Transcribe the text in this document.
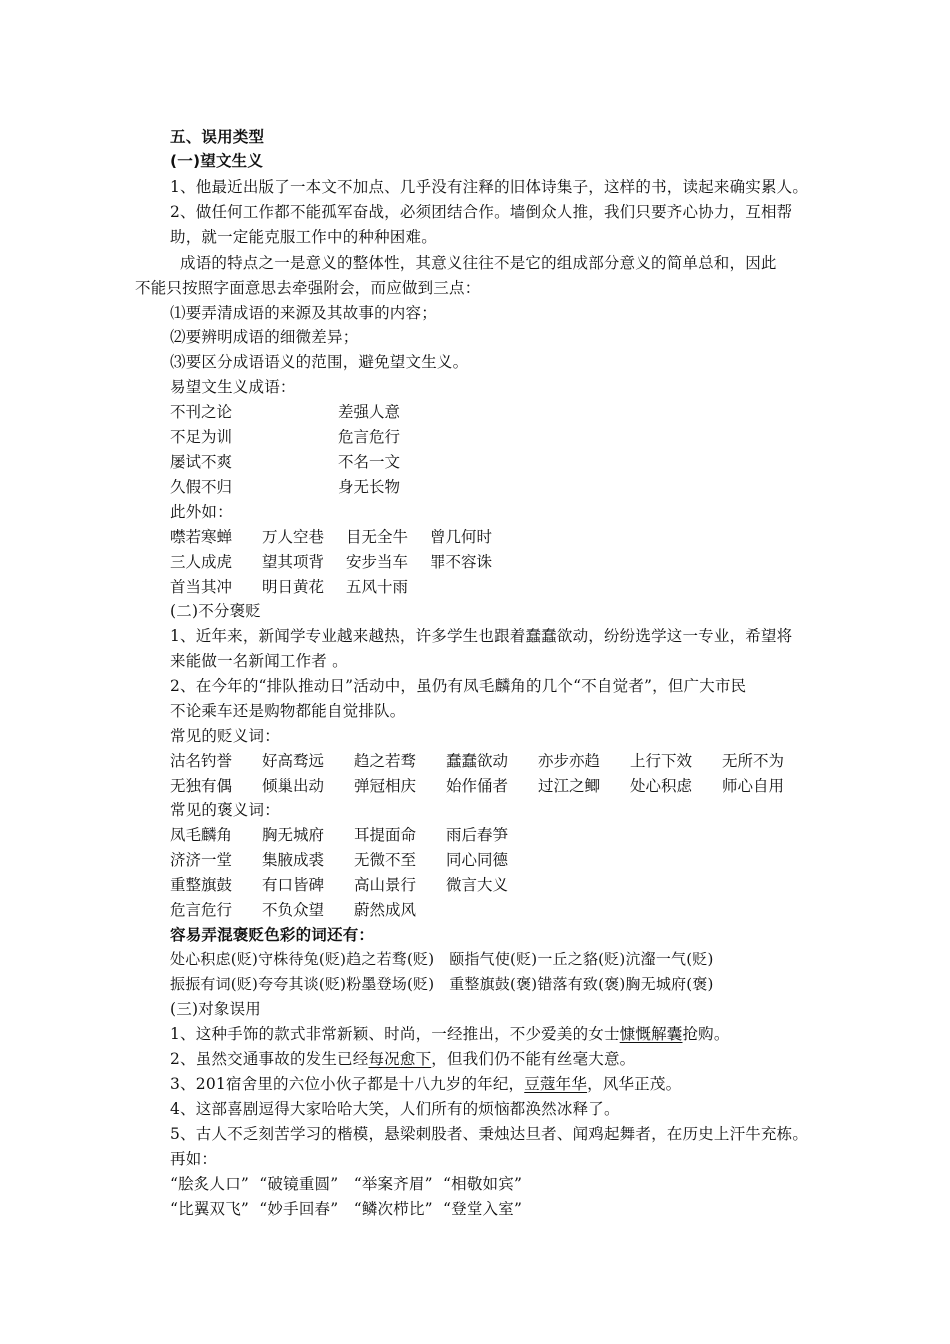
五、误用类型
(一)望文生义
1、他最近出版了一本文不加点、几乎没有注释的旧体诗集子，这样的书，读起来确实累人。
2、做任何工作都不能孤军奋战，必须团结合作。墙倒众人推，我们只要齐心协力，互相帮
助，就一定能克服工作中的种种困难。
成语的特点之一是意义的整体性，其意义往往不是它的组成部分意义的简单总和，因此
不能只按照字面意思去牵强附会，而应做到三点：
⑴要弄清成语的来源及其故事的内容；
⑵要辨明成语的细微差异；
⑶要区分成语语义的范围，避免望文生义。
易望文生义成语：
不刊之论	差强人意
不足为训	危言危行
屡试不爽	不名一文
久假不归	身无长物
此外如：
噤若寒蝉 万人空巷 目无全牛 曾几何时
三人成虎 望其项背 安步当车 罪不容诛
首当其冲 明日黄花 五风十雨
(二)不分褒贬
1、近年来，新闻学专业越来越热，许多学生也跟着蠢蠢欲动，纷纷选学这一专业，希望将
来能做一名新闻工作者 。
2、在今年的“排队推动日”活动中，虽仍有凤毛麟角的几个“不自觉者”，但广大市民
不论乘车还是购物都能自觉排队。
常见的贬义词：
沽名钓誉 好高骛远 趋之若骛 蠢蠢欲动 亦步亦趋 上行下效 无所不为
无独有偶 倾巢出动 弹冠相庆 始作俑者 过江之鲫 处心积虑 师心自用
常见的褒义词：
凤毛麟角 胸无城府 耳提面命 雨后春笋
济济一堂 集腋成裘 无微不至 同心同德
重整旗鼓 有口皆碑 高山景行 微言大义
危言危行 不负众望 蔚然成风
容易弄混褒贬色彩的词还有：
处心积虑(贬)守株待兔(贬)趋之若骛(贬)   颐指气使(贬)一丘之貉(贬)沆瀣一气(贬)
振振有词(贬)夸夸其谈(贬)粉墨登场(贬)   重整旗鼓(褒)错落有致(褒)胸无城府(褒)
(三)对象误用
1、这种手饰的款式非常新颖、时尚，一经推出，不少爱美的女士慷慨解囊抢购。
2、虽然交通事故的发生已经每况愈下，但我们仍不能有丝毫大意。
3、201宿舍里的六位小伙子都是十八九岁的年纪，豆蔻年华，风华正茂。
4、这部喜剧逗得大家哈哈大笑，人们所有的烦恼都涣然冰释了。
5、古人不乏刻苦学习的楷模，悬梁刺股者、秉烛达旦者、闻鸡起舞者，在历史上汗牛充栋。
再如：
“脍炙人口”  “破镜重圆”   “举案齐眉”  “相敬如宾”
“比翼双飞”  “妙手回春”   “鳞次栉比”  “登堂入室”
